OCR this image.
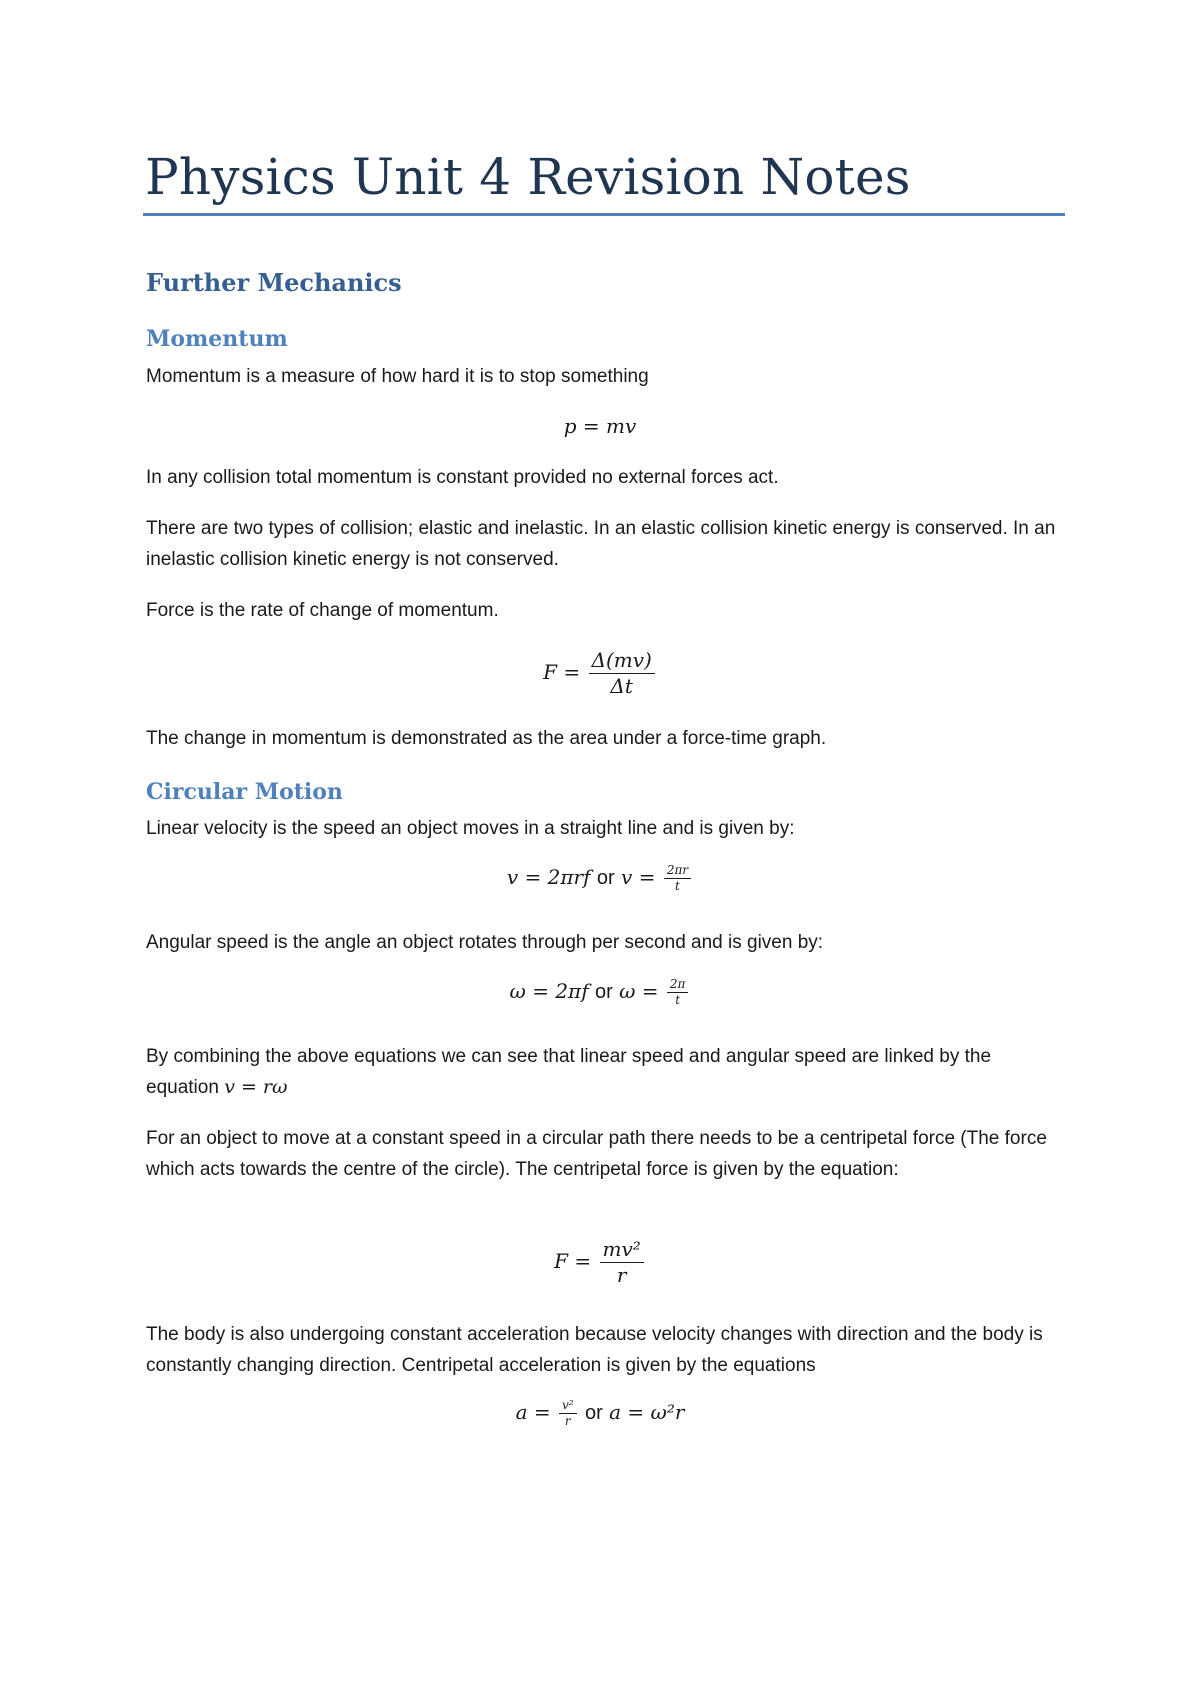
Physics Unit 4 Revision Notes
Further Mechanics
Momentum
Momentum is a measure of how hard it is to stop something
p = mv
In any collision total momentum is constant provided no external forces act.
There are two types of collision; elastic and inelastic. In an elastic collision kinetic energy is conserved. In an inelastic collision kinetic energy is not conserved.
Force is the rate of change of momentum.
$F = \frac{\Delta(mv)}{\Delta t}$
The change in momentum is demonstrated as the area under a force-time graph.
Circular Motion
Linear velocity is the speed an object moves in a straight line and is given by:
v = 2πrf or $v = \frac{2\pi r}{t}$
Angular speed is the angle an object rotates through per second and is given by:
ω = 2πf or $\omega = \frac{2\pi}{t}$
By combining the above equations we can see that linear speed and angular speed are linked by the equation v = rω
For an object to move at a constant speed in a circular path there needs to be a centripetal force (The force which acts towards the centre of the circle). The centripetal force is given by the equation:
$F = \frac{\text{mv²}}{r}$
The body is also undergoing constant acceleration because velocity changes with direction and the body is constantly changing direction. Centripetal acceleration is given by the equations
$a = \frac{\text{v²}}{r}$ or a = ω²r
